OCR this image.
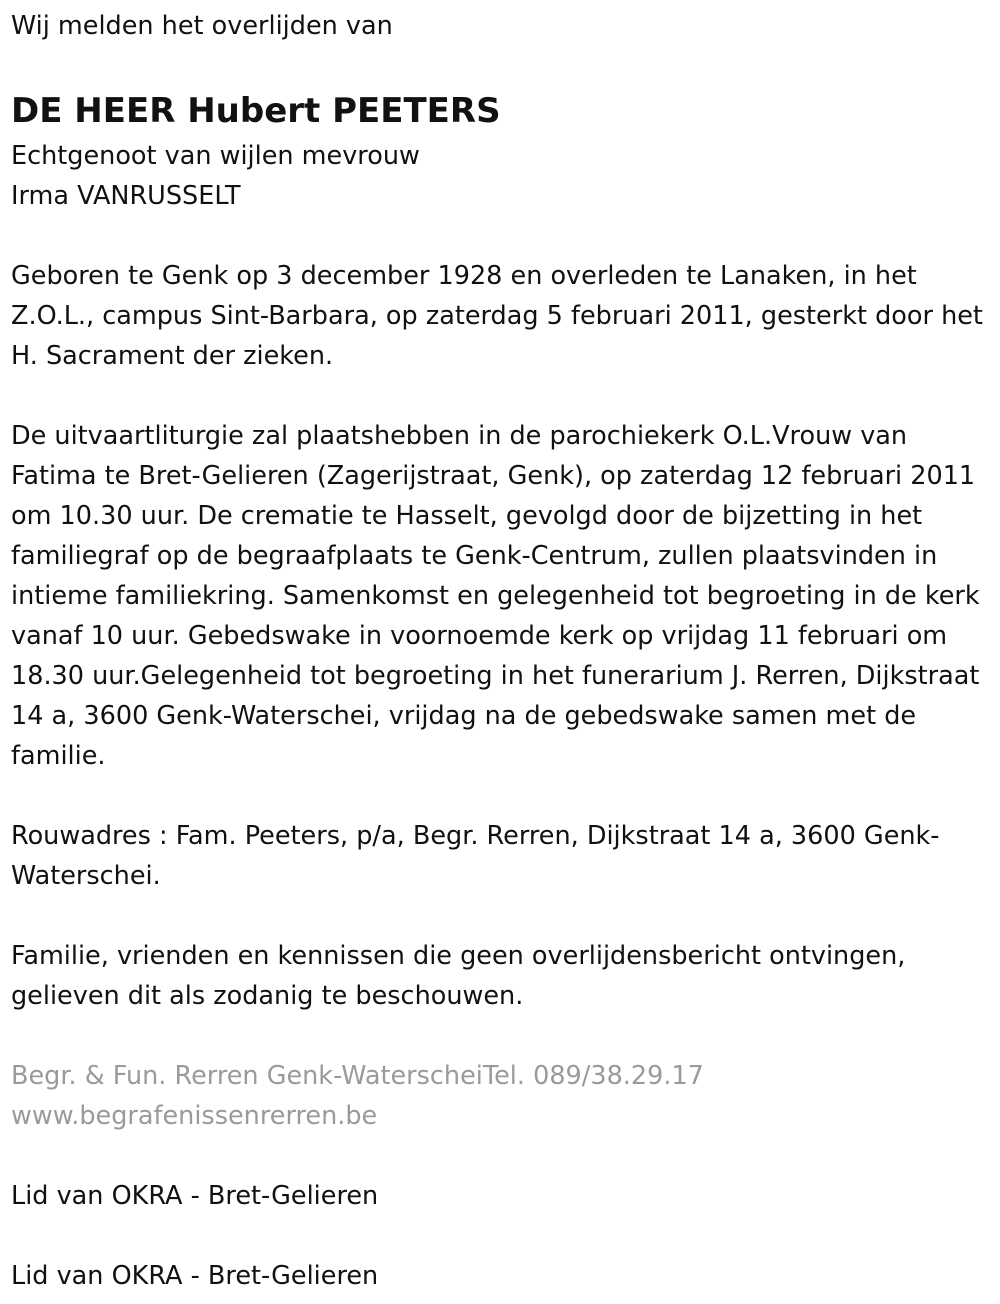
Wij melden het overlijden van

DE HEER Hubert PEETERS

Echtgenoot van wijlen mevrouw

Irma VANRUSSELT

Geboren te Genk op 3 december 1928 en overleden te Lanaken, in het Z.O.L., campus Sint-Barbara, op zaterdag 5 februari 2011, gesterkt door het H. Sacrament der zieken.

De uitvaartliturgie zal plaatshebben in de parochiekerk O.L.Vrouw van Fatima te Bret-Gelieren (Zagerijstraat, Genk), op zaterdag 12 februari 2011 om 10.30 uur. De crematie te Hasselt, gevolgd door de bijzetting in het familiegraf op de begraafplaats te Genk-Centrum, zullen plaatsvinden in intieme familiekring. Samenkomst en gelegenheid tot begroeting in de kerk vanaf 10 uur. Gebedswake in voornoemde kerk op vrijdag 11 februari om 18.30 uur.Gelegenheid tot begroeting in het funerarium J. Rerren, Dijkstraat 14 a, 3600 Genk-Waterschei, vrijdag na de gebedswake samen met de familie.

Rouwadres : Fam. Peeters, p/a, Begr. Rerren, Dijkstraat 14 a, 3600 Genk-Waterschei.

Familie, vrienden en kennissen die geen overlijdensbericht ontvingen, gelieven dit als zodanig te beschouwen.

Begr. & Fun. Rerren Genk-WaterscheiTel. 089/38.29.17

www.begrafenissenrerren.be

Lid van OKRA - Bret-Gelieren

Lid van OKRA - Bret-Gelieren
